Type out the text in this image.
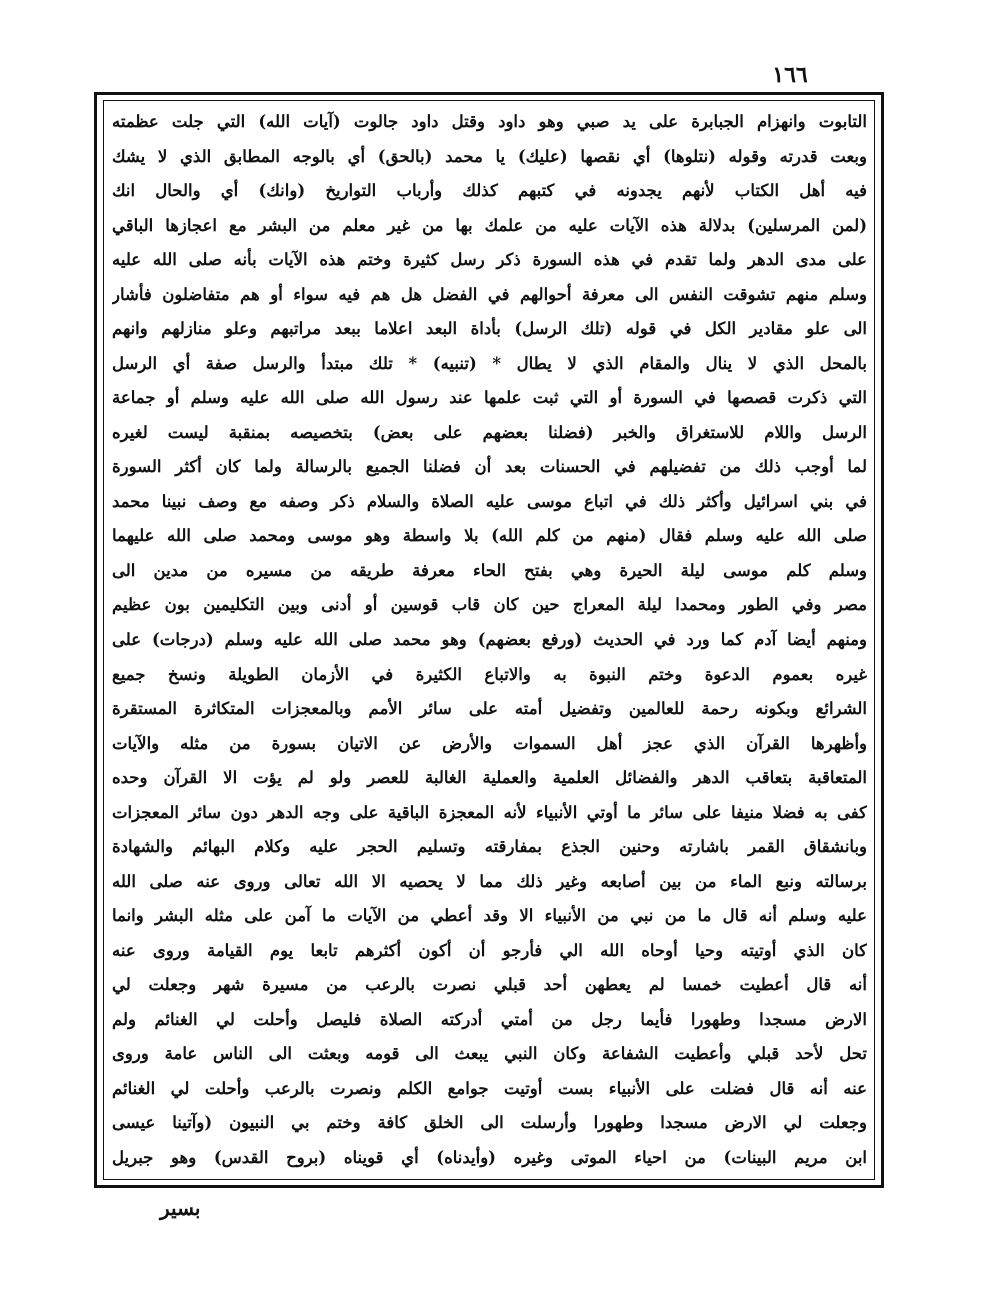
١٦٦
التابوت وانهزام الجبابرة على يد صبي وهو داود وقتل داود جالوت (آيات الله) التي جلت عظمته
وبعت قدرته وقوله (نتلوها) أي نقصها (عليك) يا محمد (بالحق) أي بالوجه المطابق الذي لا يشك
فيه أهل الكتاب لأنهم يجدونه في كتبهم كذلك وأرباب التواريخ (وانك) أي والحال انك
(لمن المرسلين) بدلالة هذه الآيات عليه من علمك بها من غير معلم من البشر مع اعجازها الباقي
على مدى الدهر ولما تقدم في هذه السورة ذكر رسل كثيرة وختم هذه الآيات بأنه صلى الله عليه
وسلم منهم تشوقت النفس الى معرفة أحوالهم في الفضل هل هم فيه سواء أو هم متفاضلون فأشار
الى علو مقادير الكل في قوله (تلك الرسل) بأداة البعد اعلاما ببعد مراتبهم وعلو منازلهم وانهم
بالمحل الذي لا ينال والمقام الذي لا يطال * (تنبيه) * تلك مبتدأ والرسل صفة أي الرسل
التي ذكرت قصصها في السورة أو التي ثبت علمها عند رسول الله صلى الله عليه وسلم أو جماعة
الرسل واللام للاستغراق والخبر (فضلنا بعضهم على بعض) بتخصيصه بمنقبة ليست لغيره
لما أوجب ذلك من تفضيلهم في الحسنات بعد أن فضلنا الجميع بالرسالة ولما كان أكثر السورة
في بني اسرائيل وأكثر ذلك في اتباع موسى عليه الصلاة والسلام ذكر وصفه مع وصف نبينا محمد
صلى الله عليه وسلم فقال (منهم من كلم الله) بلا واسطة وهو موسى ومحمد صلى الله عليهما
وسلم كلم موسى ليلة الحيرة وهي بفتح الحاء معرفة طريقه من مسيره من مدين الى
مصر وفي الطور ومحمدا ليلة المعراج حين كان قاب قوسين أو أدنى وبين التكليمين بون عظيم
ومنهم أيضا آدم كما ورد في الحديث (ورفع بعضهم) وهو محمد صلى الله عليه وسلم (درجات) على
غيره بعموم الدعوة وختم النبوة به والاتباع الكثيرة في الأزمان الطويلة ونسخ جميع
الشرائع وبكونه رحمة للعالمين وتفضيل أمته على سائر الأمم وبالمعجزات المتكاثرة المستقرة
وأظهرها القرآن الذي عجز أهل السموات والأرض عن الاتيان بسورة من مثله والآيات
المتعاقبة بتعاقب الدهر والفضائل العلمية والعملية الغالبة للعصر ولو لم يؤت الا القرآن وحده
كفى به فضلا منيفا على سائر ما أوتي الأنبياء لأنه المعجزة الباقية على وجه الدهر دون سائر المعجزات
وبانشقاق القمر باشارته وحنين الجذع بمفارقته وتسليم الحجر عليه وكلام البهائم والشهادة
برسالته ونبع الماء من بين أصابعه وغير ذلك مما لا يحصيه الا الله تعالى وروى عنه صلى الله
عليه وسلم أنه قال ما من نبي من الأنبياء الا وقد أعطي من الآيات ما آمن على مثله البشر وانما
كان الذي أوتيته وحيا أوحاه الله الي فأرجو أن أكون أكثرهم تابعا يوم القيامة وروى عنه
أنه قال أعطيت خمسا لم يعطهن أحد قبلي نصرت بالرعب من مسيرة شهر وجعلت لي
الارض مسجدا وطهورا فأيما رجل من أمتي أدركته الصلاة فليصل وأحلت لي الغنائم ولم
تحل لأحد قبلي وأعطيت الشفاعة وكان النبي يبعث الى قومه وبعثت الى الناس عامة وروى
عنه أنه قال فضلت على الأنبياء بست أوتيت جوامع الكلم ونصرت بالرعب وأحلت لي الغنائم
وجعلت لي الارض مسجدا وطهورا وأرسلت الى الخلق كافة وختم بي النبيون (وآتينا عيسى
ابن مريم البينات) من احياء الموتى وغيره (وأيدناه) أي قويناه (بروح القدس) وهو جبريل
بسير
